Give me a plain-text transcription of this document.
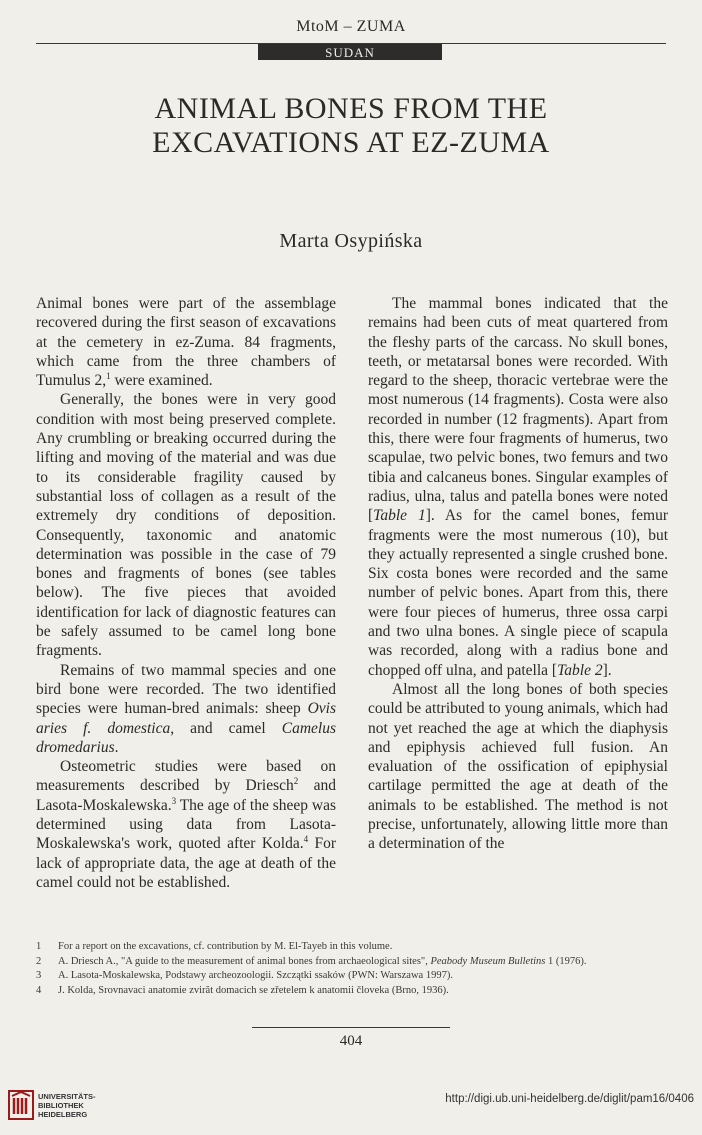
MtoM – ZUMA
SUDAN
ANIMAL BONES FROM THE
EXCAVATIONS AT EZ-ZUMA
Marta Osypińska

Animal bones were part of the assemblage recovered during the first season of excavations at the cemetery in ez-Zuma. 84 fragments, which came from the three chambers of Tumulus 2,$^1$ were examined.

Generally, the bones were in very good condition with most being preserved complete. Any crumbling or breaking occurred during the lifting and moving of the material and was due to its considerable fragility caused by substantial loss of collagen as a result of the extremely dry conditions of deposition. Consequently, taxonomic and anatomic determination was possible in the case of 79 bones and fragments of bones (see tables below). The five pieces that avoided identification for lack of diagnostic features can be safely assumed to be camel long bone fragments.

Remains of two mammal species and one bird bone were recorded. The two identified species were human-bred animals: sheep Ovis aries f. domestica, and camel Camelus dromedarius.

Osteometric studies were based on measurements described by Driesch$^2$ and Lasota-Moskalewska.$^3$ The age of the sheep was determined using data from Lasota-Moskalewska's work, quoted after Kolda.$^4$ For lack of appropriate data, the age at death of the camel could not be established.

The mammal bones indicated that the remains had been cuts of meat quartered from the fleshy parts of the carcass. No skull bones, teeth, or metatarsal bones were recorded. With regard to the sheep, thoracic vertebrae were the most numerous (14 fragments). Costa were also recorded in number (12 fragments). Apart from this, there were four fragments of humerus, two scapulae, two pelvic bones, two femurs and two tibia and calcaneus bones. Singular examples of radius, ulna, talus and patella bones were noted [Table 1]. As for the camel bones, femur fragments were the most numerous (10), but they actually represented a single crushed bone. Six costa bones were recorded and the same number of pelvic bones. Apart from this, there were four pieces of humerus, three ossa carpi and two ulna bones. A single piece of scapula was recorded, along with a radius bone and chopped off ulna, and patella [Table 2].

Almost all the long bones of both species could be attributed to young animals, which had not yet reached the age at which the diaphysis and epiphysis achieved full fusion. An evaluation of the ossification of epiphysial cartilage permitted the age at death of the animals to be established. The method is not precise, unfortunately, allowing little more than a determination of the

1	For a report on the excavations, cf. contribution by M. El-Tayeb in this volume.
2	A. Driesch A., "A guide to the measurement of animal bones from archaeological sites", Peabody Museum Bulletins 1 (1976).
3	A. Lasota-Moskalewska, Podstawy archeozoologii. Szczątki ssaków (PWN: Warszawa 1997).
4	J. Kolda, Srovnavaci anatomie zvirăt domacich se zřetelem k anatomii človeka (Brno, 1936).
404
UNIVERSITÄTS-
BIBLIOTHEK
HEIDELBERG
http://digi.ub.uni-heidelberg.de/diglit/pam16/0406
